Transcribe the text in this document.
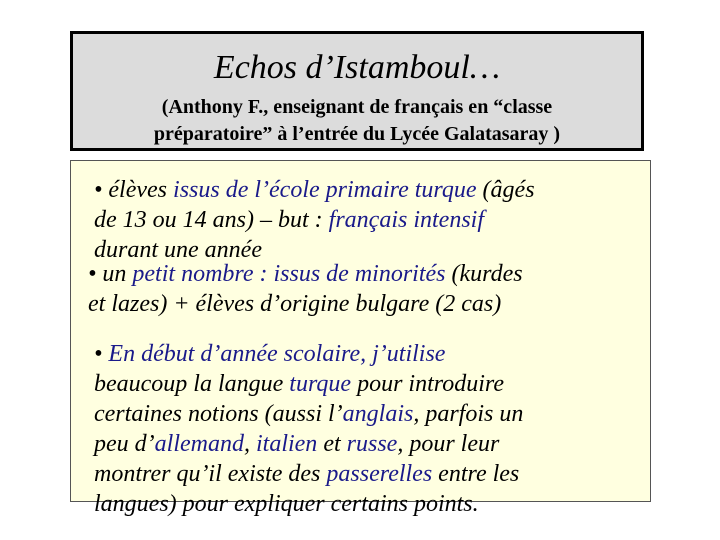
Echos d’Istamboul…
(Anthony F., enseignant de français en “classe
préparatoire” à l’entrée du Lycée Galatasaray )

• élèves issus de l’école primaire turque (âgés
de 13 ou 14 ans) – but : français intensif
durant une année

• un petit nombre : issus de minorités (kurdes
et lazes) + élèves d’origine bulgare (2 cas)

• En début d’année scolaire, j’utilise
beaucoup la langue turque pour introduire
certaines notions (aussi l’anglais, parfois un
peu d’allemand, italien et russe, pour leur
montrer qu’il existe des passerelles entre les
langues) pour expliquer certains points.
